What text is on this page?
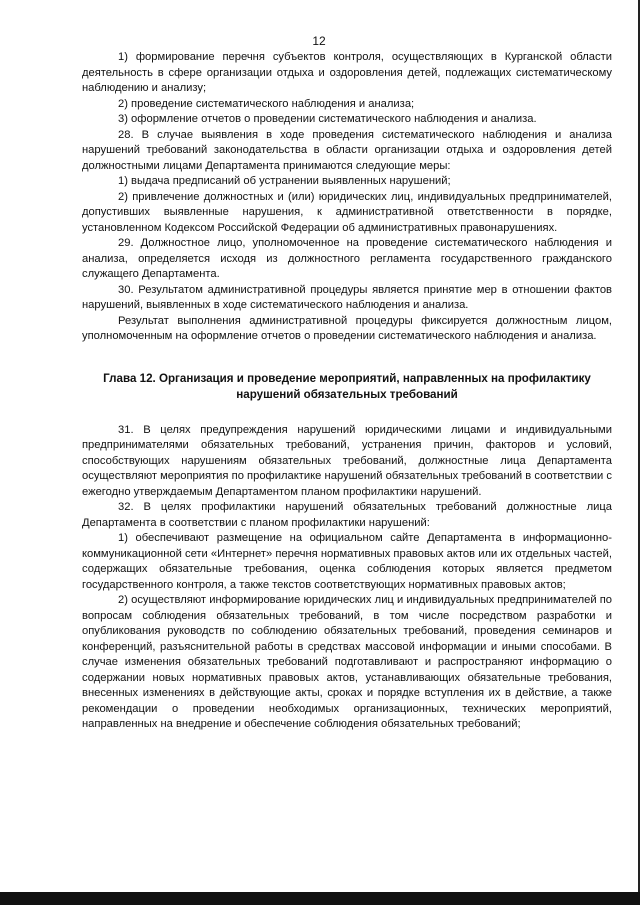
12

1) формирование перечня субъектов контроля, осуществляющих в Курганской области деятельность в сфере организации отдыха и оздоровления детей, подлежащих систематическому наблюдению и анализу;

2) проведение систематического наблюдения и анализа;

3) оформление отчетов о проведении систематического наблюдения и анализа.

28. В случае выявления в ходе проведения систематического наблюдения и анализа нарушений требований законодательства в области организации отдыха и оздоровления детей должностными лицами Департамента принимаются следующие меры:

1) выдача предписаний об устранении выявленных нарушений;

2) привлечение должностных и (или) юридических лиц, индивидуальных предпринимателей, допустивших выявленные нарушения, к административной ответственности в порядке, установленном Кодексом Российской Федерации об административных правонарушениях.

29. Должностное лицо, уполномоченное на проведение систематического наблюдения и анализа, определяется исходя из должностного регламента государственного гражданского служащего Департамента.

30. Результатом административной процедуры является принятие мер в отношении фактов нарушений, выявленных в ходе систематического наблюдения и анализа.

Результат выполнения административной процедуры фиксируется должностным лицом, уполномоченным на оформление отчетов о проведении систематического наблюдения и анализа.

Глава 12. Организация и проведение мероприятий, направленных на профилактику нарушений обязательных требований

31. В целях предупреждения нарушений юридическими лицами и индивидуальными предпринимателями обязательных требований, устранения причин, факторов и условий, способствующих нарушениям обязательных требований, должностные лица Департамента осуществляют мероприятия по профилактике нарушений обязательных требований в соответствии с ежегодно утверждаемым Департаментом планом профилактики нарушений.

32. В целях профилактики нарушений обязательных требований должностные лица Департамента в соответствии с планом профилактики нарушений:

1) обеспечивают размещение на официальном сайте Департамента в информационно-коммуникационной сети «Интернет» перечня нормативных правовых актов или их отдельных частей, содержащих обязательные требования, оценка соблюдения которых является предметом государственного контроля, а также текстов соответствующих нормативных правовых актов;

2) осуществляют информирование юридических лиц и индивидуальных предпринимателей по вопросам соблюдения обязательных требований, в том числе посредством разработки и опубликования руководств по соблюдению обязательных требований, проведения семинаров и конференций, разъяснительной работы в средствах массовой информации и иными способами. В случае изменения обязательных требований подготавливают и распространяют информацию о содержании новых нормативных правовых актов, устанавливающих обязательные требования, внесенных изменениях в действующие акты, сроках и порядке вступления их в действие, а также рекомендации о проведении необходимых организационных, технических мероприятий, направленных на внедрение и обеспечение соблюдения обязательных требований;
